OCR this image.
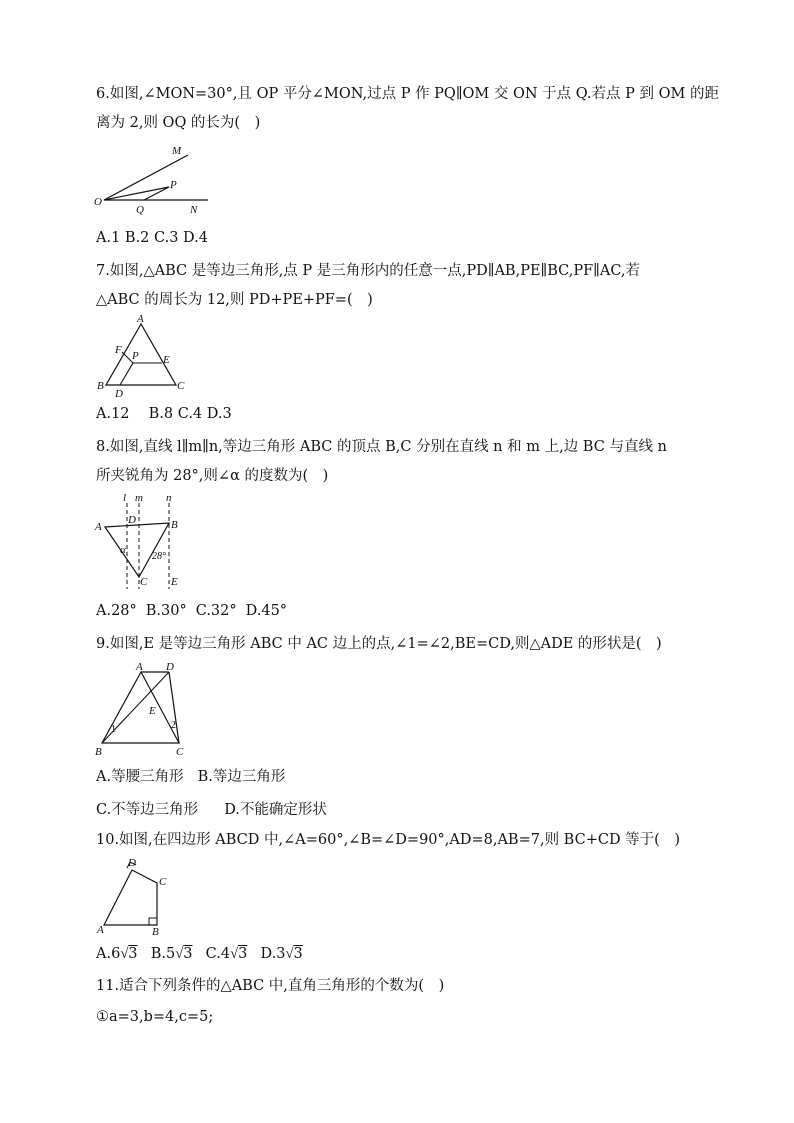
6.如图,∠MON=30°,且 OP 平分∠MON,过点 P 作 PQ∥OM 交 ON 于点 Q.若点 P 到 OM 的距
离为 2,则 OQ 的长为(　)
M
P
O
Q	N
A.1 B.2 C.3 D.4
7.如图,△ABC 是等边三角形,点 P 是三角形内的任意一点,PD∥AB,PE∥BC,PF∥AC,若
△ABC 的周长为 12,则 PD+PE+PF=(　)
A
F P E
B
D
C
A.12　 B.8 C.4 D.3
8.如图,直线 l∥m∥n,等边三角形 ABC 的顶点 B,C 分别在直线 n 和 m 上,边 BC 与直线 n
所夹锐角为 28°,则∠α 的度数为(　)
l m n
A
D	B
α
28°
C E
A.28° B.30° C.32° D.45°
9.如图,E 是等边三角形 ABC 中 AC 边上的点,∠1=∠2,BE=CD,则△ADE 的形状是(　)
A D
E
1	2
B	C
A.等腰三角形 B.等边三角形
C.不等边三角形 D.不能确定形状
10.如图,在四边形 ABCD 中,∠A=60°,∠B=∠D=90°,AD=8,AB=7,则 BC+CD 等于(　)
D
C
A	B
A.6√3 B.5√3 C.4√3 D.3√3
11.适合下列条件的△ABC 中,直角三角形的个数为(　)
①a=3,b=4,c=5;
